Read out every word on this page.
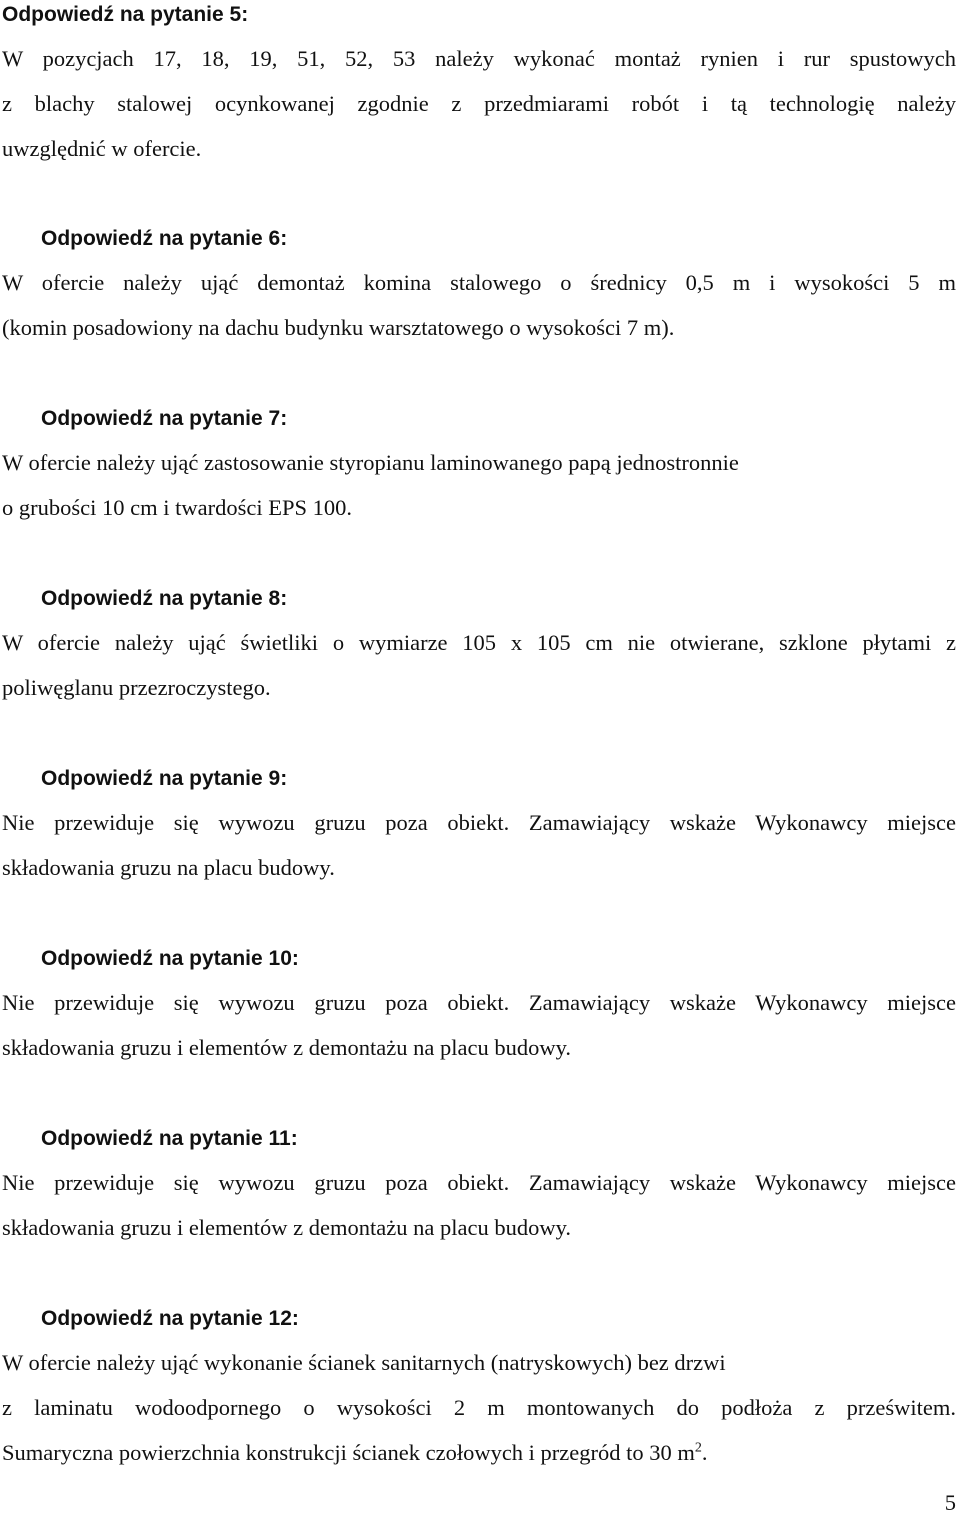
Odpowiedź na pytanie 5:
W pozycjach 17, 18, 19, 51, 52, 53 należy wykonać montaż rynien i rur spustowych
z blachy stalowej ocynkowanej zgodnie z przedmiarami robót i tą technologię należy
uwzględnić w ofercie.
Odpowiedź na pytanie 6:
W ofercie należy ująć demontaż komina stalowego o średnicy 0,5 m i wysokości 5 m
(komin posadowiony na dachu budynku warsztatowego o wysokości 7 m).
Odpowiedź na pytanie 7:
W ofercie należy ująć zastosowanie styropianu laminowanego papą jednostronnie
o grubości 10 cm i twardości EPS 100.
Odpowiedź na pytanie 8:
W ofercie należy ująć świetliki o wymiarze 105 x 105 cm nie otwierane, szklone płytami z
poliwęglanu przezroczystego.
Odpowiedź na pytanie 9:
Nie przewiduje się wywozu gruzu poza obiekt. Zamawiający wskaże Wykonawcy miejsce
składowania gruzu na placu budowy.
Odpowiedź na pytanie 10:
Nie przewiduje się wywozu gruzu poza obiekt. Zamawiający wskaże Wykonawcy miejsce
składowania gruzu i elementów z demontażu na placu budowy.
Odpowiedź na pytanie 11:
Nie przewiduje się wywozu gruzu poza obiekt. Zamawiający wskaże Wykonawcy miejsce
składowania gruzu i elementów z demontażu na placu budowy.
Odpowiedź na pytanie 12:
W ofercie należy ująć wykonanie ścianek sanitarnych (natryskowych) bez drzwi
z laminatu wodoodpornego o wysokości 2 m montowanych do podłoża z prześwitem.
Sumaryczna powierzchnia konstrukcji ścianek czołowych i przegród to 30 $m^2$.
5
